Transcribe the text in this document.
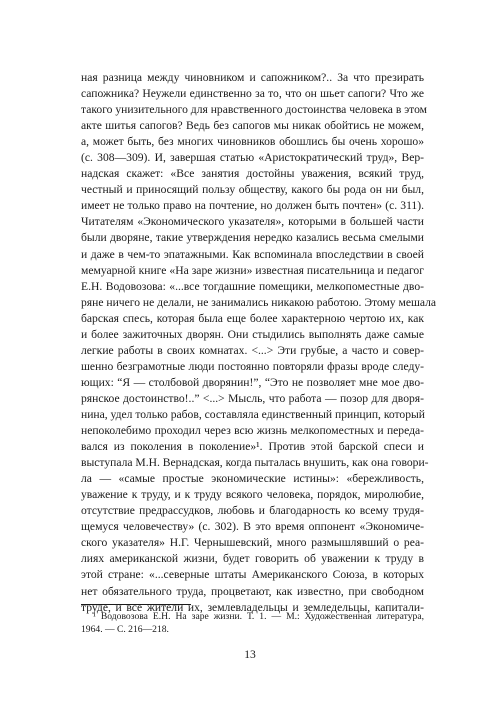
ная разница между чиновником и сапожником?.. За что презирать
сапожника? Неужели единственно за то, что он шьет сапоги? Что же
такого унизительного для нравственного достоинства человека в этом
акте шитья сапогов? Ведь без сапогов мы никак обойтись не можем,
а, может быть, без многих чиновников обошлись бы очень хорошо»
(с. 308—309). И, завершая статью «Аристократический труд», Вер-
надская скажет: «Все занятия достойны уважения, всякий труд,
честный и приносящий пользу обществу, какого бы рода он ни был,
имеет не только право на почтение, но должен быть почтен» (с. 311).
Читателям «Экономического указателя», которыми в большей части
были дворяне, такие утверждения нередко казались весьма смелыми
и даже в чем-то эпатажными. Как вспоминала впоследствии в своей
мемуарной книге «На заре жизни» известная писательница и педагог
Е.Н. Водовозова: «...все тогдашние помещики, мелкопоместные дво-
ряне ничего не делали, не занимались никакою работою. Этому мешала
барская спесь, которая была еще более характерною чертою их, как
и более зажиточных дворян. Они стыдились выполнять даже самые
легкие работы в своих комнатах. <...> Эти грубые, а часто и совер-
шенно безграмотные люди постоянно повторяли фразы вроде следу-
ющих: “Я — столбовой дворянин!”, “Это не позволяет мне мое дво-
рянское достоинство!..” <...> Мысль, что работа — позор для дворя-
нина, удел только рабов, составляла единственный принцип, который
непоколебимо проходил через всю жизнь мелкопоместных и переда-
вался из поколения в поколение»¹. Против этой барской спеси и
выступала М.Н. Вернадская, когда пыталась внушить, как она говори-
ла — «самые простые экономические истины»: «бережливость,
уважение к труду, и к труду всякого человека, порядок, миролюбие,
отсутствие предрассудков, любовь и благодарность ко всему трудя-
щемуся человечеству» (с. 302). В это время оппонент «Экономиче-
ского указателя» Н.Г. Чернышевский, много размышлявший о реа-
лиях американской жизни, будет говорить об уважении к труду в
этой стране: «...северные штаты Американского Союза, в которых
нет обязательного труда, процветают, как известно, при свободном
труде, и все жители их, землевладельцы и земледельцы, капитали-
¹ Водовозова Е.Н. На заре жизни. Т. 1. — М.: Художественная литература,
1964. — С. 216—218.
13
